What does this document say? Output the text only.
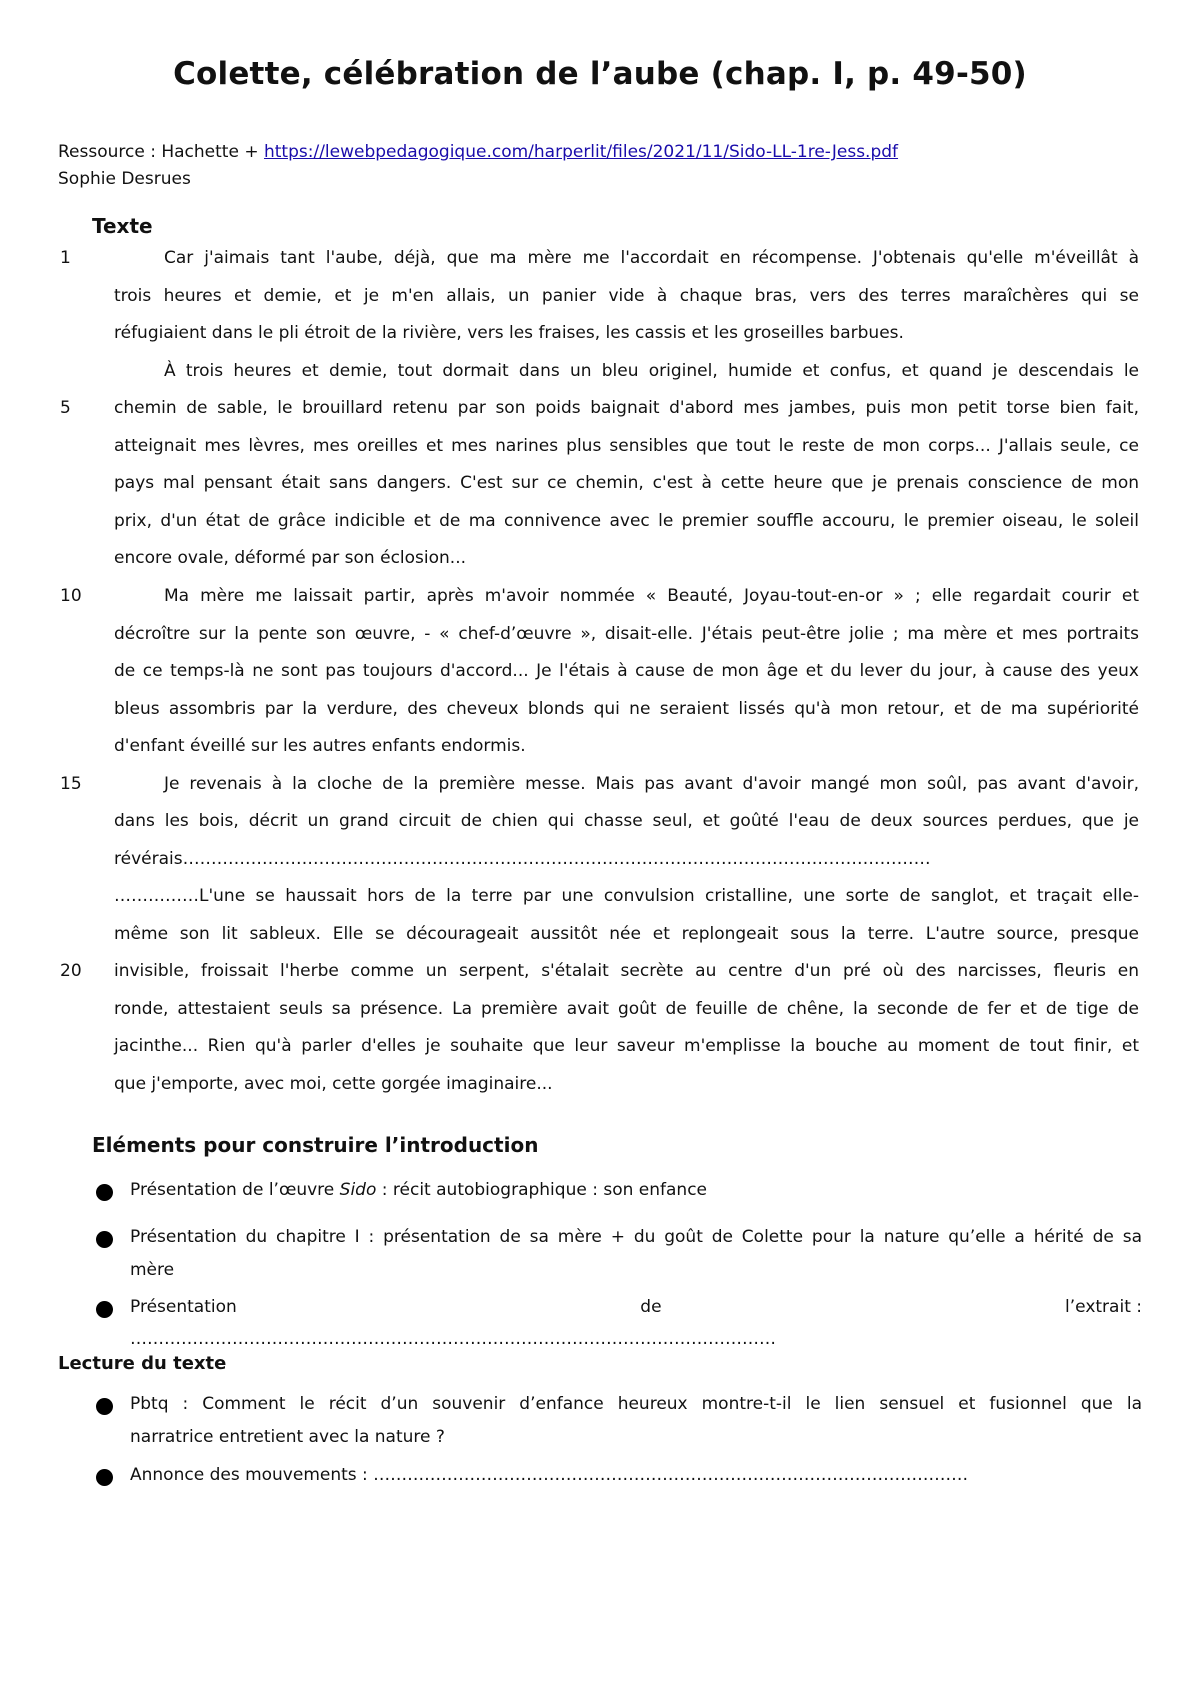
Colette, célébration de l’aube (chap. I, p. 49-50)
Ressource : Hachette + https://lewebpedagogique.com/harperlit/files/2021/11/Sido-LL-1re-Jess.pdf
Sophie Desrues
Texte
1
5
10
15
20
Car j'aimais tant l'aube, déjà, que ma mère me l'accordait en récompense. J'obtenais qu'elle m'éveillât à
trois heures et demie, et je m'en allais, un panier vide à chaque bras, vers des terres maraîchères qui se
réfugiaient dans le pli étroit de la rivière, vers les fraises, les cassis et les groseilles barbues.
À trois heures et demie, tout dormait dans un bleu originel, humide et confus, et quand je descendais le
chemin de sable, le brouillard retenu par son poids baignait d'abord mes jambes, puis mon petit torse bien fait,
atteignait mes lèvres, mes oreilles et mes narines plus sensibles que tout le reste de mon corps... J'allais seule, ce
pays mal pensant était sans dangers. C'est sur ce chemin, c'est à cette heure que je prenais conscience de mon
prix, d'un état de grâce indicible et de ma connivence avec le premier souffle accouru, le premier oiseau, le soleil
encore ovale, déformé par son éclosion...
Ma mère me laissait partir, après m'avoir nommée « Beauté, Joyau-tout-en-or » ; elle regardait courir et
décroître sur la pente son œuvre, - « chef-d’œuvre », disait-elle. J'étais peut-être jolie ; ma mère et mes portraits
de ce temps-là ne sont pas toujours d'accord... Je l'étais à cause de mon âge et du lever du jour, à cause des yeux
bleus assombris par la verdure, des cheveux blonds qui ne seraient lissés qu'à mon retour, et de ma supériorité
d'enfant éveillé sur les autres enfants endormis.
Je revenais à la cloche de la première messe. Mais pas avant d'avoir mangé mon soûl, pas avant d'avoir,
dans les bois, décrit un grand circuit de chien qui chasse seul, et goûté l'eau de deux sources perdues, que je
révérais……………………………………………………………………………………………………………………
……………L'une se haussait hors de la terre par une convulsion cristalline, une sorte de sanglot, et traçait elle-
même son lit sableux. Elle se décourageait aussitôt née et replongeait sous la terre. L'autre source, presque
invisible, froissait l'herbe comme un serpent, s'étalait secrète au centre d'un pré où des narcisses, fleuris en
ronde, attestaient seuls sa présence. La première avait goût de feuille de chêne, la seconde de fer et de tige de
jacinthe... Rien qu'à parler d'elles je souhaite que leur saveur m'emplisse la bouche au moment de tout finir, et
que j'emporte, avec moi, cette gorgée imaginaire...
Eléments pour construire l’introduction
Présentation de l’œuvre Sido : récit autobiographique : son enfance
Présentation du chapitre I : présentation de sa mère + du goût de Colette pour la nature qu’elle a hérité de sa
mère
Présentation	de	l’extrait :
……………………………………………………………………………………………………
Lecture du texte
Pbtq : Comment le récit d’un souvenir d’enfance heureux montre-t-il le lien sensuel et fusionnel que la
narratrice entretient avec la nature ?
Annonce des mouvements : ……………………………………………………………………………………………
